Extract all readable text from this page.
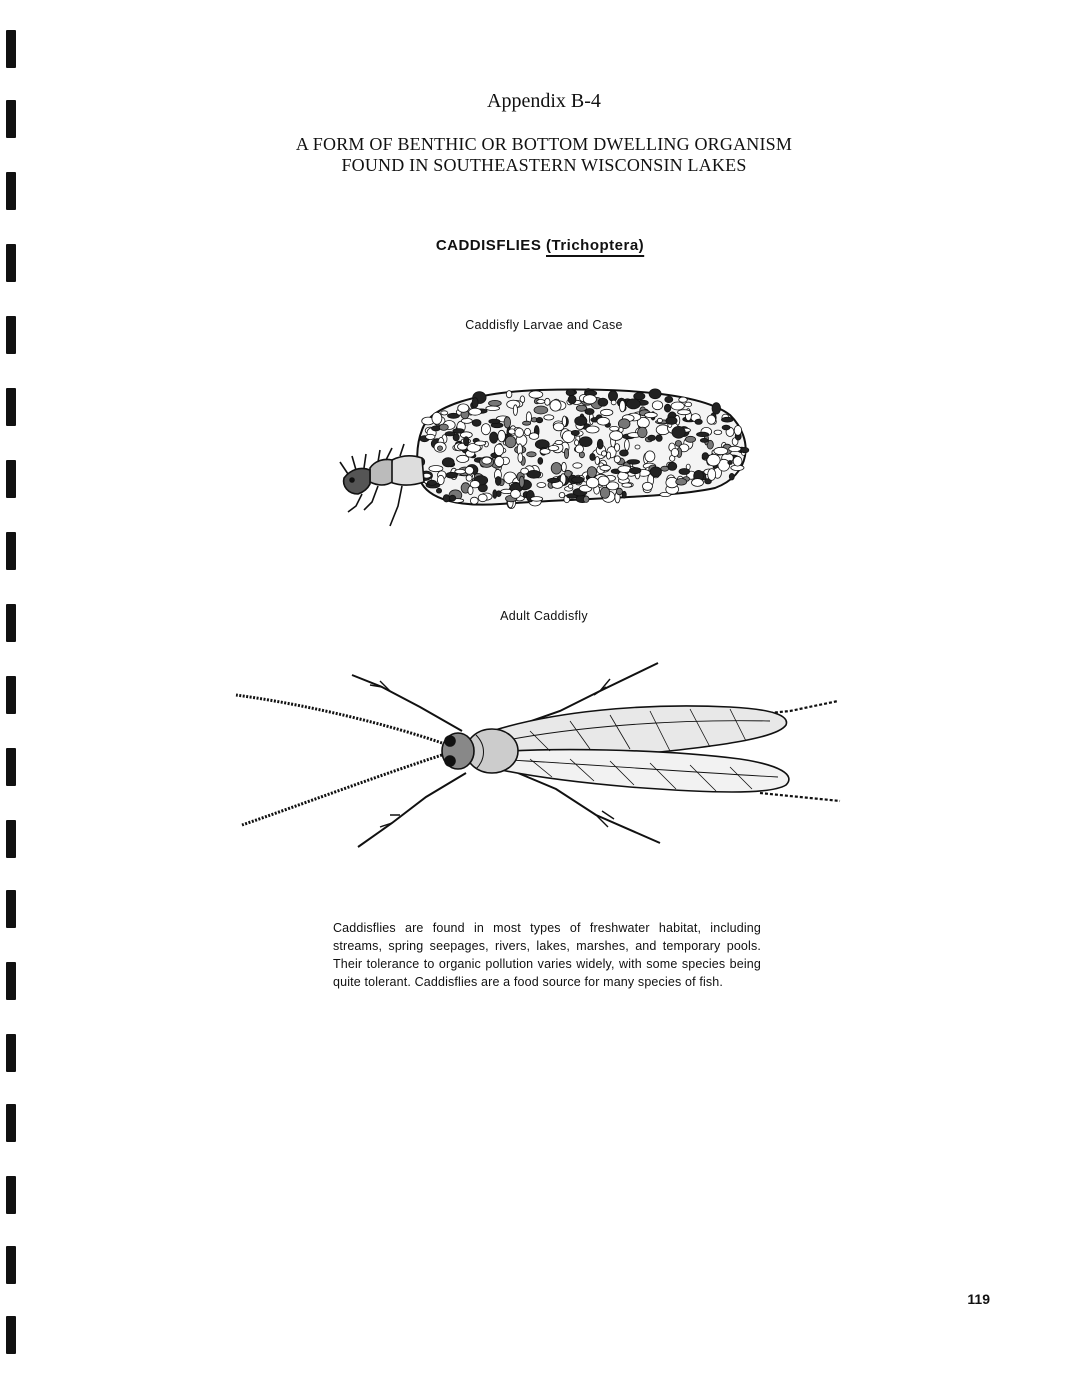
Appendix B-4
A FORM OF BENTHIC OR BOTTOM DWELLING ORGANISM
FOUND IN SOUTHEASTERN WISCONSIN LAKES
CADDISFLIES (Trichoptera)
Caddisfly Larvae and Case
Adult Caddisfly
Caddisflies are found in most types of freshwater habitat, including streams, spring seepages, rivers, lakes, marshes, and temporary pools. Their tolerance to organic pollution varies widely, with some species being quite tolerant. Caddisflies are a food source for many species of fish.
119
